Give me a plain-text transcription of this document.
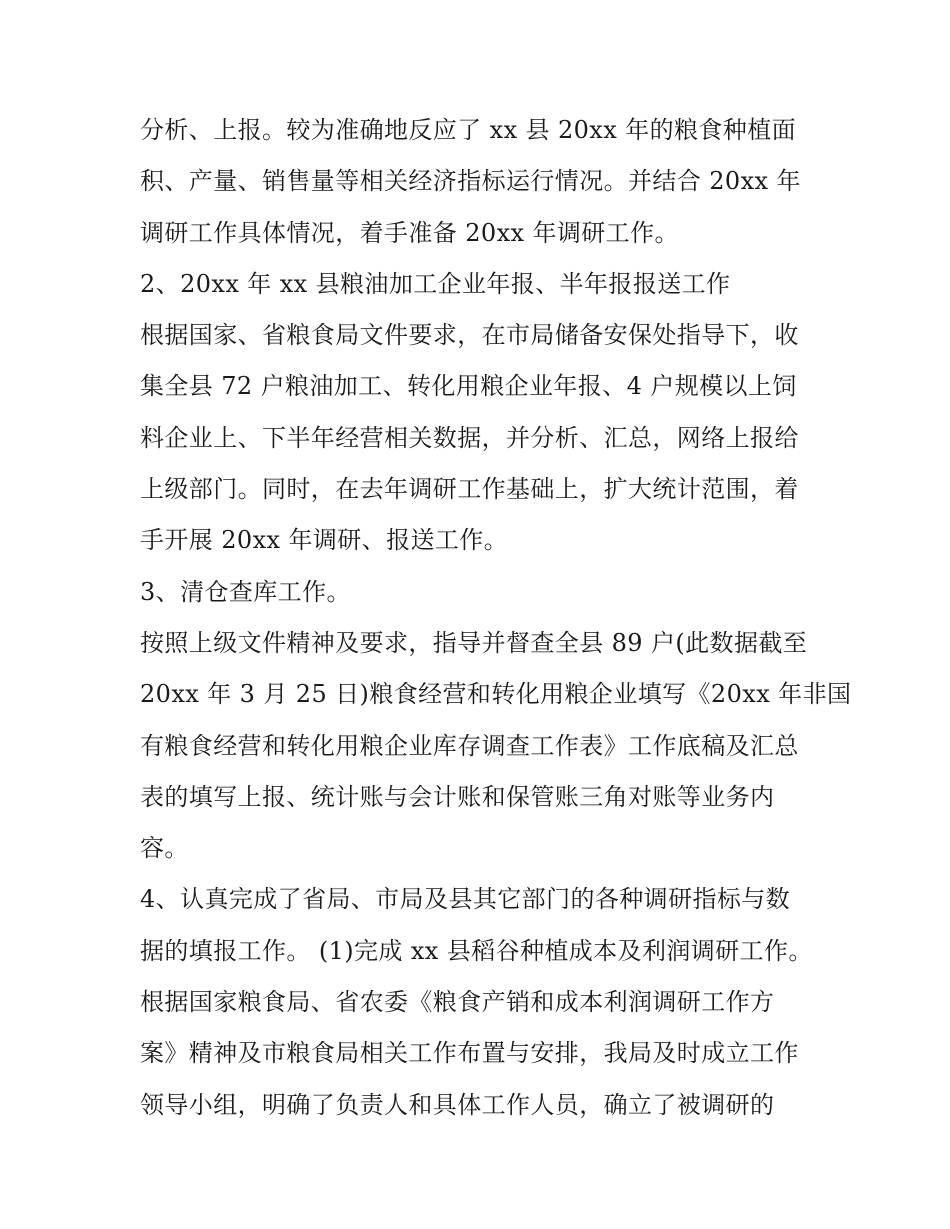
分析、上报。较为准确地反应了 xx 县 20xx 年的粮食种植面
积、产量、销售量等相关经济指标运行情况。并结合 20xx 年
调研工作具体情况，着手准备 20xx 年调研工作。
2、20xx 年 xx 县粮油加工企业年报、半年报报送工作
根据国家、省粮食局文件要求，在市局储备安保处指导下，收
集全县 72 户粮油加工、转化用粮企业年报、4 户规模以上饲
料企业上、下半年经营相关数据，并分析、汇总，网络上报给
上级部门。同时，在去年调研工作基础上，扩大统计范围，着
手开展 20xx 年调研、报送工作。
3、清仓查库工作。
按照上级文件精神及要求，指导并督查全县 89 户(此数据截至
20xx 年 3 月 25 日)粮食经营和转化用粮企业填写《20xx 年非国
有粮食经营和转化用粮企业库存调查工作表》工作底稿及汇总
表的填写上报、统计账与会计账和保管账三角对账等业务内
容。
4、认真完成了省局、市局及县其它部门的各种调研指标与数
据的填报工作。 (1)完成 xx 县稻谷种植成本及利润调研工作。
根据国家粮食局、省农委《粮食产销和成本利润调研工作方
案》精神及市粮食局相关工作布置与安排，我局及时成立工作
领导小组，明确了负责人和具体工作人员，确立了被调研的
